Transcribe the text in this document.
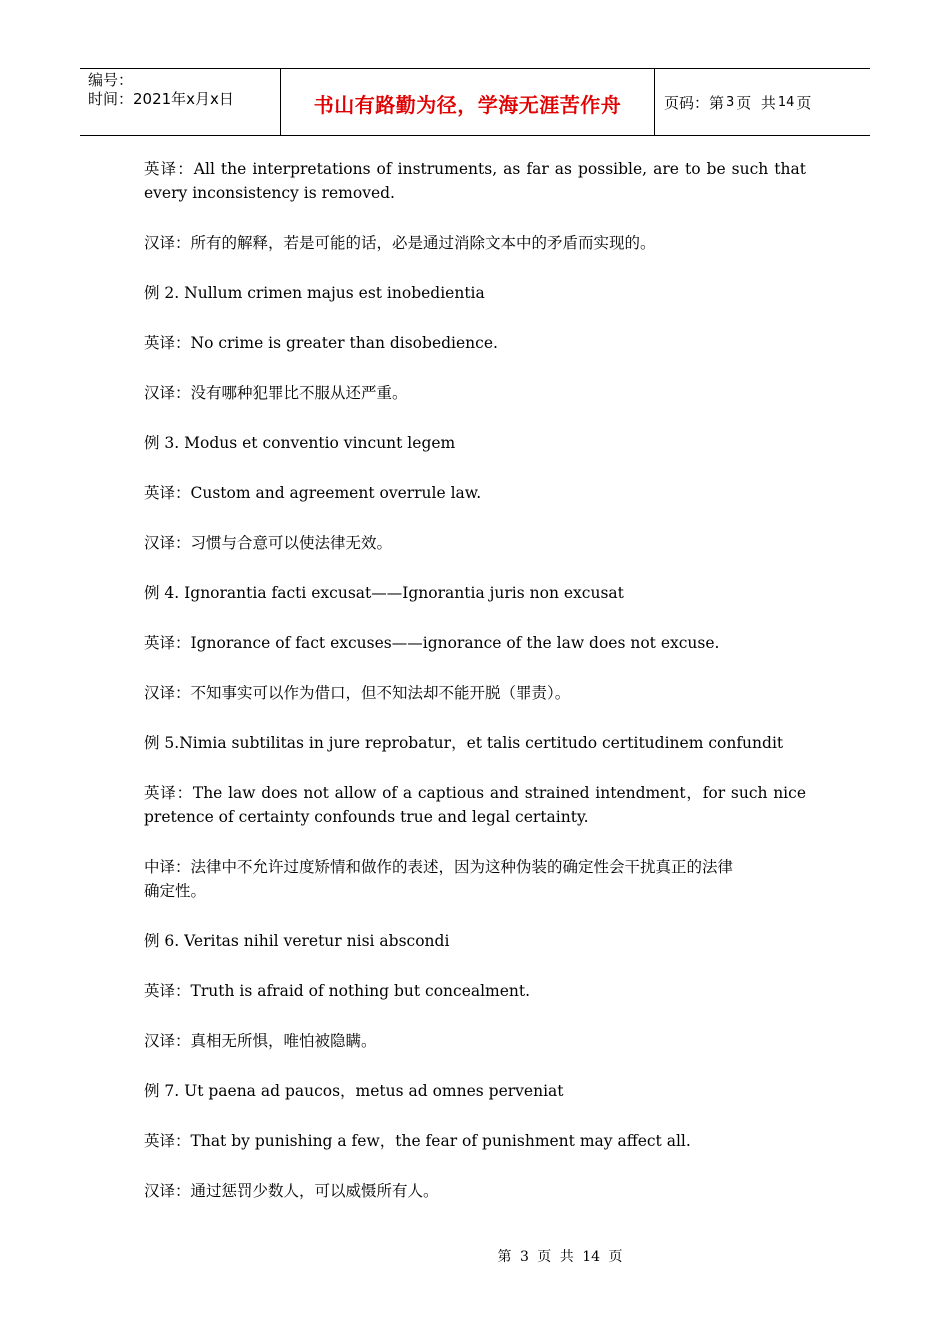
编号：
时间：2021年x月x日	书山有路勤为径，学海无涯苦作舟	页码：第 3 页  共 14 页

英译：All the interpretations of instruments, as far as possible, are to be such that every inconsistency is removed.

汉译：所有的解释，若是可能的话，必是通过消除文本中的矛盾而实现的。

例 2. Nullum crimen majus est inobedientia

英译：No crime is greater than disobedience.

汉译：没有哪种犯罪比不服从还严重。

例 3. Modus et conventio vincunt legem

英译：Custom and agreement overrule law.

汉译：习惯与合意可以使法律无效。

例 4. Ignorantia facti excusat——Ignorantia juris non excusat

英译：Ignorance of fact excuses——ignorance of the law does not excuse.

汉译：不知事实可以作为借口，但不知法却不能开脱（罪责）。

例 5.Nimia subtilitas in jure reprobatur，et talis certitudo certitudinem confundit

英译：The law does not allow of a captious and strained intendment，for such nice pretence of certainty confounds true and legal certainty.

中译：法律中不允许过度矫情和做作的表述，因为这种伪装的确定性会干扰真正的法律确定性。

例 6. Veritas nihil veretur nisi abscondi

英译：Truth is afraid of nothing but concealment.

汉译：真相无所惧，唯怕被隐瞒。

例 7. Ut paena ad paucos，metus ad omnes perveniat

英译：That by punishing a few，the fear of punishment may affect all.

汉译：通过惩罚少数人，可以威慑所有人。

第 3 页 共 14 页
